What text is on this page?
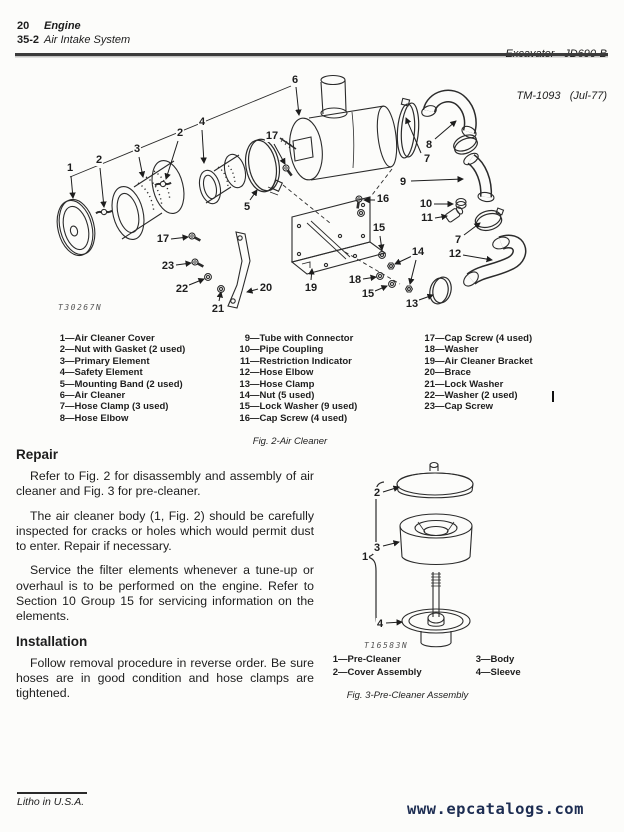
20 Engine
35-2 Air Intake System

TM-1093   (Jul-77)

T30267N
1
2
3
2
4
17
6
5
7
8
9
10
11
7
12
13
16
15
14
18
15
19
17
23
22
21
20
1—Air Cleaner Cover
2—Nut with Gasket (2 used)
3—Primary Element
4—Safety Element
5—Mounting Band (2 used)
6—Air Cleaner
7—Hose Clamp (3 used)
8—Hose Elbow
9—Tube with Connector
10—Pipe Coupling
11—Restriction Indicator
12—Hose Elbow
13—Hose Clamp
14—Nut (5 used)
15—Lock Washer (9 used)
16—Cap Screw (4 used)
17—Cap Screw (4 used)
18—Washer
19—Air Cleaner Bracket
20—Brace
21—Lock Washer
22—Washer (2 used)
23—Cap Screw
Fig. 2-Air Cleaner
Repair

Refer to Fig. 2 for disassembly and assembly of air cleaner and Fig. 3 for pre-cleaner.

The air cleaner body (1, Fig. 2) should be carefully inspected for cracks or holes which would permit dust to enter. Repair if necessary.

Service the filter elements whenever a tune-up or overhaul is to be performed on the engine. Refer to Section 10 Group 15 for servicing information on the elements.

Installation

Follow removal procedure in reverse order. Be sure hoses are in good condition and hose clamps are tightened.

T16583N
1—Pre-Cleaner
2—Cover Assembly
3—Body
4—Sleeve
Fig. 3-Pre-Cleaner Assembly
2
3
1
4
Litho in U.S.A.	www.epcatalogs.com
